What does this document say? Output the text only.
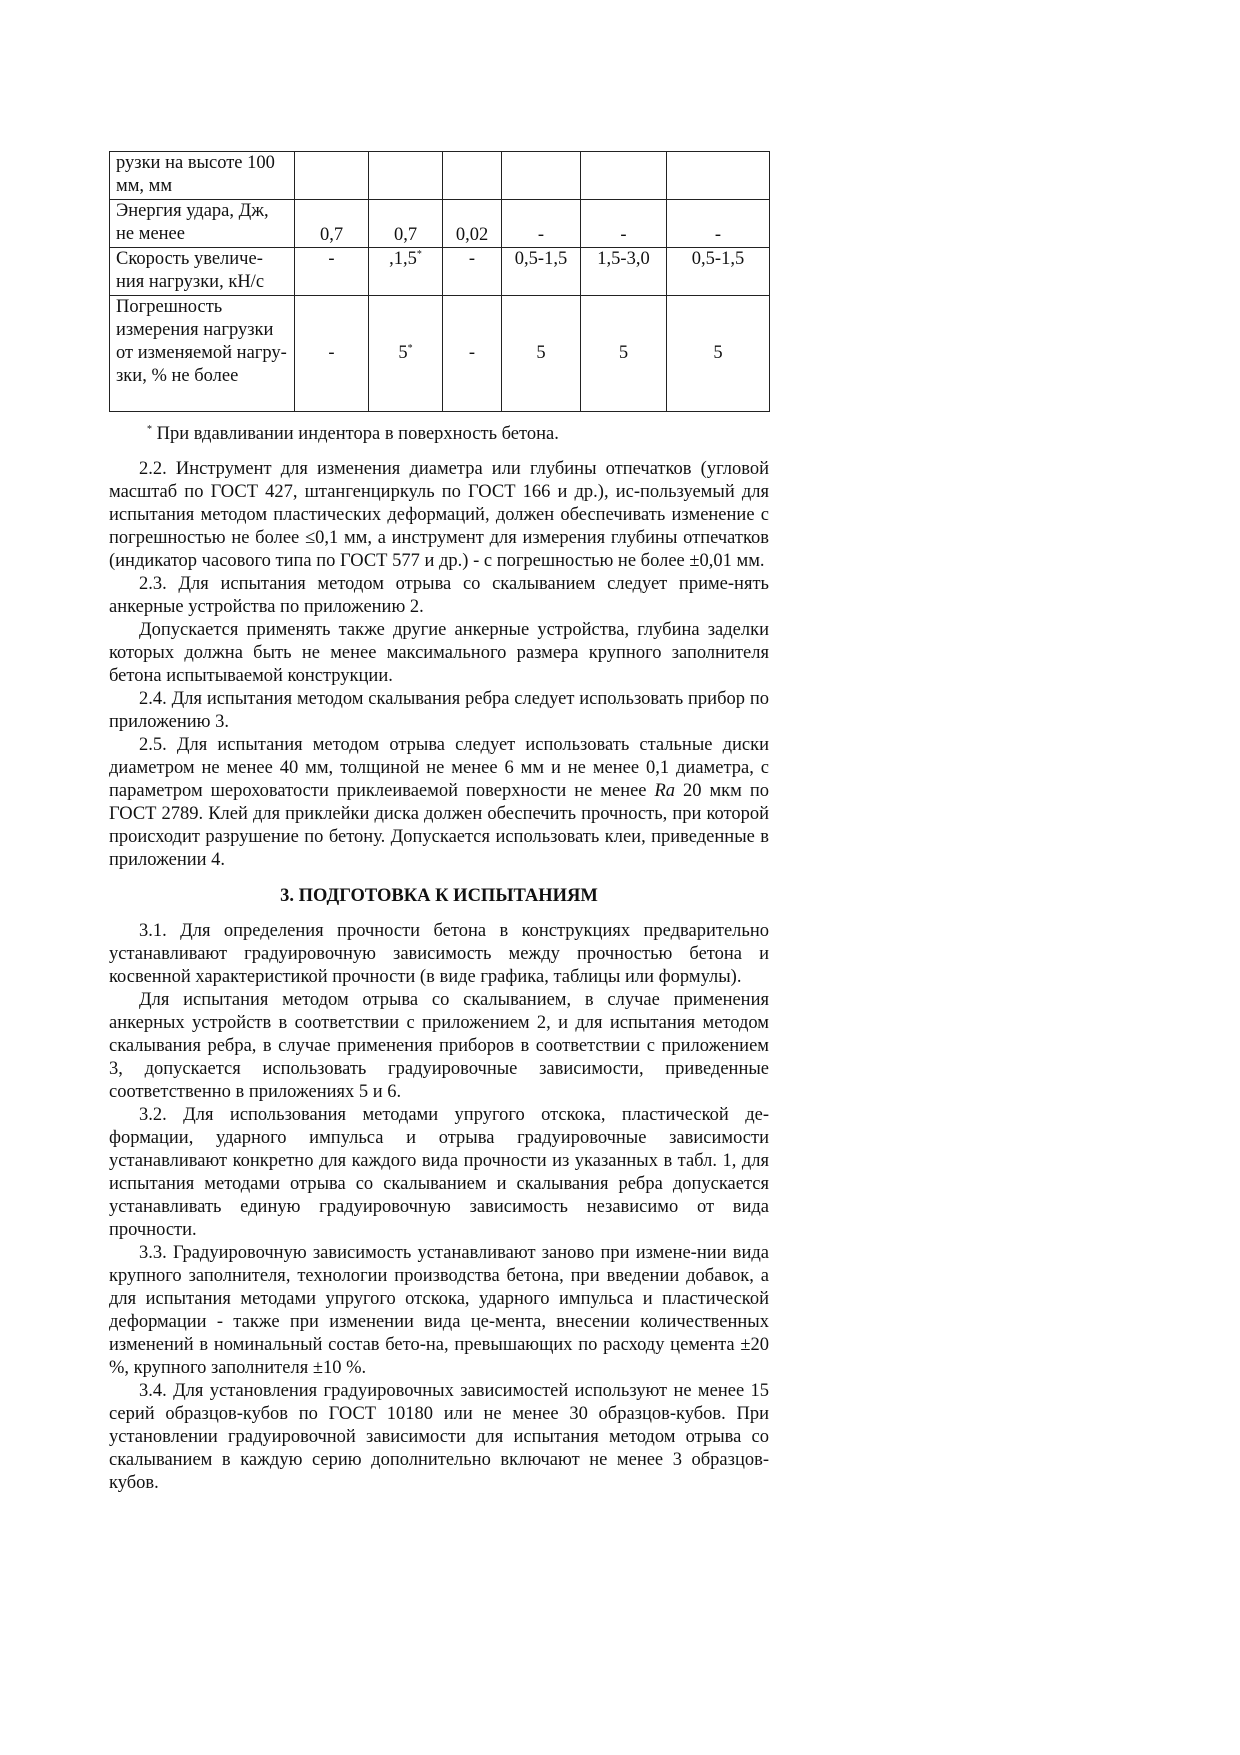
рузки на высоте 100 мм, мм						
Энергия удара, Дж, не менее	0,7	0,7	0,02	-	-	-
Скорость увеличе-ния нагрузки, кН/с	-	,1,5*	-	0,5-1,5	1,5-3,0	0,5-1,5
Погрешность измерения нагрузки от изменяемой нагру-зки, % не более	-	5*	-	5	5	5
* При вдавливании индентора в поверхность бетона.

2.2. Инструмент для изменения диаметра или глубины отпечатков (угловой масштаб по ГОСТ 427, штангенциркуль по ГОСТ 166 и др.), ис-пользуемый для испытания методом пластических деформаций, должен обеспечивать изменение с погрешностью не более ≤0,1 мм, а инструмент для измерения глубины отпечатков (индикатор часового типа по ГОСТ 577 и др.) - с погрешностью не более ±0,01 мм.

2.3. Для испытания методом отрыва со скалыванием следует приме-нять анкерные устройства по приложению 2.

Допускается применять также другие анкерные устройства, глубина заделки которых должна быть не менее максимального размера крупного заполнителя бетона испытываемой конструкции.

2.4. Для испытания методом скалывания ребра следует использовать прибор по приложению 3.

2.5. Для испытания методом отрыва следует использовать стальные диски диаметром не менее 40 мм, толщиной не менее 6 мм и не менее 0,1 диаметра, с параметром шероховатости приклеиваемой поверхности не менее Ra 20 мкм по ГОСТ 2789. Клей для приклейки диска должен обеспечить прочность, при которой происходит разрушение по бетону. Допускается использовать клеи, приведенные в приложении 4.

3. ПОДГОТОВКА К ИСПЫТАНИЯМ

3.1. Для определения прочности бетона в конструкциях предварительно устанавливают градуировочную зависимость между прочностью бетона и косвенной характеристикой прочности (в виде графика, таблицы или формулы).

Для испытания методом отрыва со скалыванием, в случае применения анкерных устройств в соответствии с приложением 2, и для испытания методом скалывания ребра, в случае применения приборов в соответствии с приложением 3, допускается использовать градуировочные зависимости, приведенные соответственно в приложениях 5 и 6.

3.2. Для использования методами упругого отскока, пластической де-формации, ударного импульса и отрыва градуировочные зависимости устанавливают конкретно для каждого вида прочности из указанных в табл. 1, для испытания методами отрыва со скалыванием и скалывания ребра допускается устанавливать единую градуировочную зависимость независимо от вида прочности.

3.3. Градуировочную зависимость устанавливают заново при измене-нии вида крупного заполнителя, технологии производства бетона, при введении добавок, а для испытания методами упругого отскока, ударного импульса и пластической деформации - также при изменении вида це-мента, внесении количественных изменений в номинальный состав бето-на, превышающих по расходу цемента ±20 %, крупного заполнителя ±10 %.

3.4. Для установления градуировочных зависимостей используют не менее 15 серий образцов-кубов по ГОСТ 10180 или не менее 30 образцов-кубов. При установлении градуировочной зависимости для испытания методом отрыва со скалыванием в каждую серию дополнительно включают не менее 3 образцов-кубов.
